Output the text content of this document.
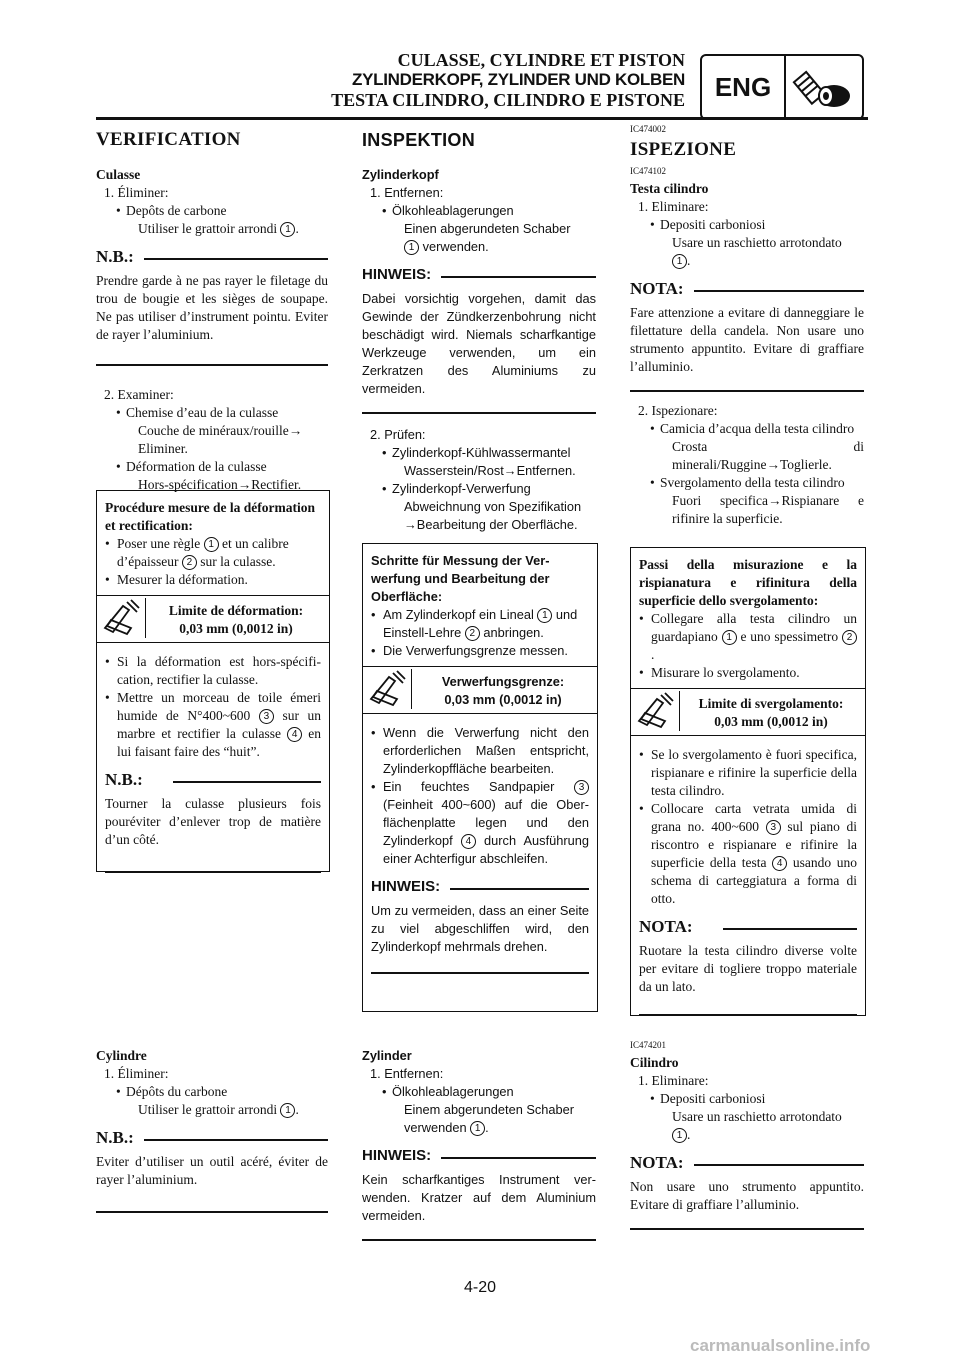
CULASSE, CYLINDRE ET PISTON
ZYLINDERKOPF, ZYLINDER UND KOLBEN
TESTA CILINDRO, CILINDRO E PISTONE	ENG
VERIFICATION
Culasse
1. Éliminer:
• Depôts de carbone
Utiliser le grattoir arrondi 1 .
N.B.:
Prendre garde à ne pas rayer le filetage du trou de bougie et les sièges de soupape. Ne pas utiliser d’instrument pointu. Eviter de rayer l’aluminium.
2. Examiner:
• Chemise d’eau de la culasse
Couche de minéraux/rouille→
Eliminer.
• Déformation de la culasse
Hors-spécification→Rectifier.
Procédure mesure de la déformation et rectification:
• Poser une règle 1 et un calibre d’épaisseur 2 sur la culasse.
• Mesurer la déformation.
Limite de déformation:
0,03 mm (0,0012 in)
• Si la déformation est hors-spécification, rectifier la culasse.
• Mettre un morceau de toile émeri humide de N°400~600 3 sur un marbre et rectifier la culasse 4 en lui faisant faire des “huit”.
N.B.:
Tourner la culasse plusieurs fois pouréviter d’enlever trop de matière d’un côté.
Cylindre
1. Éliminer:
• Dépôts du carbone
Utiliser le grattoir arrondi 1 .
N.B.:
Eviter d’utiliser un outil acéré, éviter de rayer l’aluminium.
INSPEKTION
Zylinderkopf
1. Entfernen:
• Ölkohleablagerungen
Einen abgerundeten Schaber
1 verwenden.
HINWEIS:
Dabei vorsichtig vorgehen, damit das Gewinde der Zündkerzenbohrung nicht beschädigt wird. Niemals scharfkantige Werkzeuge verwenden, um ein Zerkratzen des Aluminiums zu vermeiden.
2. Prüfen:
• Zylinderkopf-Kühlwassermantel
Wasserstein/Rost→Entfernen.
• Zylinderkopf-Verwerfung
Abweichnung von Spezifikation →Bearbeitung der Oberfläche.
Schritte für Messung der Verwerfung und Bearbeitung der Oberfläche:
• Am Zylinderkopf ein Lineal 1 und Einstell-Lehre 2 anbringen.
• Die Verwerfungsgrenze messen.
Verwerfungsgrenze:
0,03 mm (0,0012 in)
• Wenn die Verwerfung nicht den erforderlichen Maßen entspricht, Zylinderkopffläche bearbeiten.
• Ein feuchtes Sandpapier 3 (Feinheit 400~600) auf die Oberflächenplatte legen und den Zylinderkopf 4 durch Ausführung einer Achterfigur abschleifen.
HINWEIS:
Um zu vermeiden, dass an einer Seite zu viel abgeschliffen wird, den Zylinderkopf mehrmals drehen.
Zylinder
1. Entfernen:
• Ölkohleablagerungen
Einem abgerundeten Schaber
verwenden 1 .
HINWEIS:
Kein scharfkantiges Instrument verwenden. Kratzer auf dem Aluminium vermeiden.
IC474002
ISPEZIONE
IC474102
Testa cilindro
1. Eliminare:
• Depositi carboniosi
Usare un raschietto arrotondato
1 .
NOTA:
Fare attenzione a evitare di danneggiare le filettature della candela. Non usare uno strumento appuntito. Evitare di graffiare l’alluminio.
2. Ispezionare:
• Camicia d’acqua della testa cilindro
Crosta di minerali/Ruggine→Toglierle.
• Svergolamento della testa cilindro
Fuori specifica→Rispianare e rifinire la superficie.
Passi della misurazione e la rispianatura e rifinitura della superficie dello svergolamento:
• Collegare alla testa cilindro un guardapiano 1 e uno spessimetro 2.
• Misurare lo svergolamento.
Limite di svergolamento:
0,03 mm (0,0012 in)
• Se lo svergolamento è fuori specifica, rispianare e rifinire la superficie della testa cilindro.
• Collocare carta vetrata umida di grana no. 400~600 3 sul piano di riscontro e rispianare e rifinire la superficie della testa 4 usando uno schema di carteggiatura a forma di otto.
NOTA:
Ruotare la testa cilindro diverse volte per evitare di togliere troppo materiale da un lato.
IC474201
Cilindro
1. Eliminare:
• Depositi carboniosi
Usare un raschietto arrotondato
1 .
NOTA:
Non usare uno strumento appuntito. Evitare di graffiare l’alluminio.
4-20
carmanualsonline.info
